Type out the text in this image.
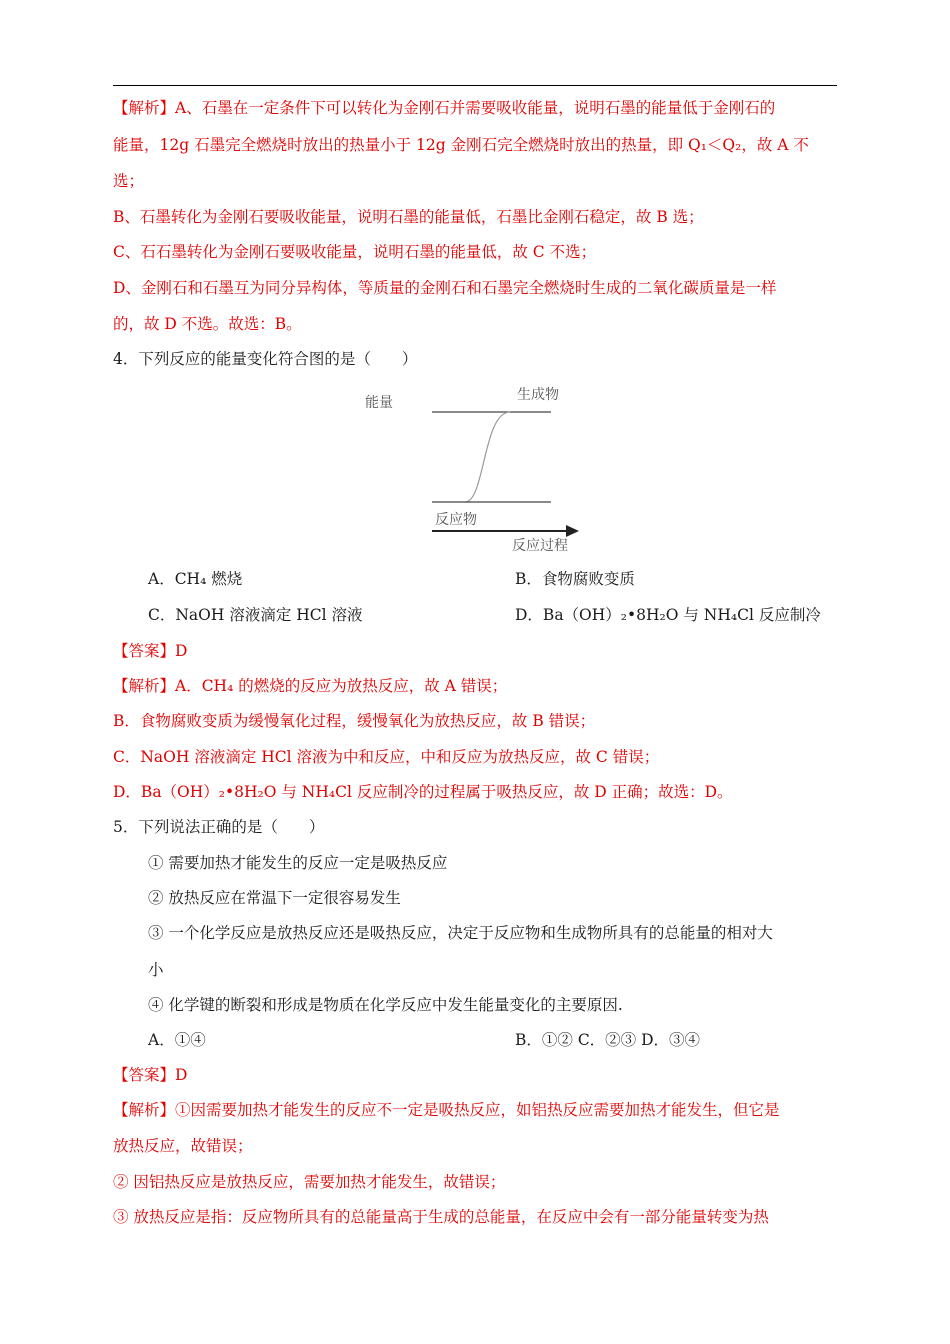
【解析】A、石墨在一定条件下可以转化为金刚石并需要吸收能量，说明石墨的能量低于金刚石的
能量，12g 石墨完全燃烧时放出的热量小于 12g 金刚石完全燃烧时放出的热量，即 Q₁＜Q₂，故 A 不
选；
B、石墨转化为金刚石要吸收能量，说明石墨的能量低，石墨比金刚石稳定，故 B 选；
C、石石墨转化为金刚石要吸收能量，说明石墨的能量低，故 C 不选；
D、金刚石和石墨互为同分异构体，等质量的金刚石和石墨完全燃烧时生成的二氧化碳质量是一样
的，故 D 不选。故选：B。
4．下列反应的能量变化符合图的是（　　）
能量	生成物
反应物
反应过程
A．CH₄ 燃烧	B．食物腐败变质
C．NaOH 溶液滴定 HCl 溶液	D．Ba（OH）₂•8H₂O 与 NH₄Cl 反应制冷
【答案】D
【解析】A．CH₄ 的燃烧的反应为放热反应，故 A 错误；
B．食物腐败变质为缓慢氧化过程，缓慢氧化为放热反应，故 B 错误；
C．NaOH 溶液滴定 HCl 溶液为中和反应，中和反应为放热反应，故 C 错误；
D．Ba（OH）₂•8H₂O 与 NH₄Cl 反应制冷的过程属于吸热反应，故 D 正确；故选：D。
5．下列说法正确的是（　　）
① 需要加热才能发生的反应一定是吸热反应
② 放热反应在常温下一定很容易发生
③ 一个化学反应是放热反应还是吸热反应，决定于反应物和生成物所具有的总能量的相对大
小
④ 化学键的断裂和形成是物质在化学反应中发生能量变化的主要原因.
A．①④	B．①② C．②③ D．③④
【答案】D
【解析】①因需要加热才能发生的反应不一定是吸热反应，如铝热反应需要加热才能发生，但它是
放热反应，故错误；
② 因铝热反应是放热反应，需要加热才能发生，故错误；
③ 放热反应是指：反应物所具有的总能量高于生成的总能量，在反应中会有一部分能量转变为热
